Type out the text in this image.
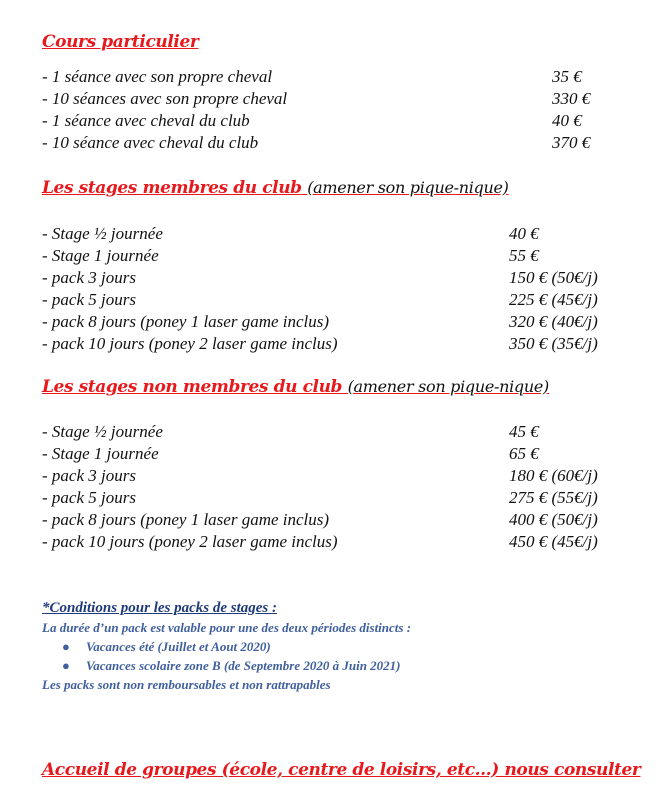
Cours particulier
- 1 séance avec son propre cheval	35 €
- 10 séances avec son propre cheval	330 €
- 1 séance avec cheval du club	40 €
- 10 séance avec cheval du club	370 €
Les stages membres du club (amener son pique-nique)
- Stage ½ journée	40 €
- Stage 1 journée	55 €
- pack 3 jours	150 € (50€/j)
- pack 5 jours	225 € (45€/j)
- pack 8 jours (poney 1 laser game inclus)	320 € (40€/j)
- pack 10 jours (poney 2 laser game inclus)	350 € (35€/j)
Les stages non membres du club (amener son pique-nique)
- Stage ½ journée	45 €
- Stage 1 journée	65 €
- pack 3 jours	180 € (60€/j)
- pack 5 jours	275 € (55€/j)
- pack 8 jours (poney 1 laser game inclus)	400 € (50€/j)
- pack 10 jours (poney 2 laser game inclus)	450 € (45€/j)
*Conditions pour les packs de stages :
La durée d’un pack est valable pour une des deux périodes distincts :
● Vacances été (Juillet et Aout 2020)
● Vacances scolaire zone B (de Septembre 2020 à Juin 2021)
Les packs sont non remboursables et non rattrapables
Accueil de groupes (école, centre de loisirs, etc…) nous consulter
